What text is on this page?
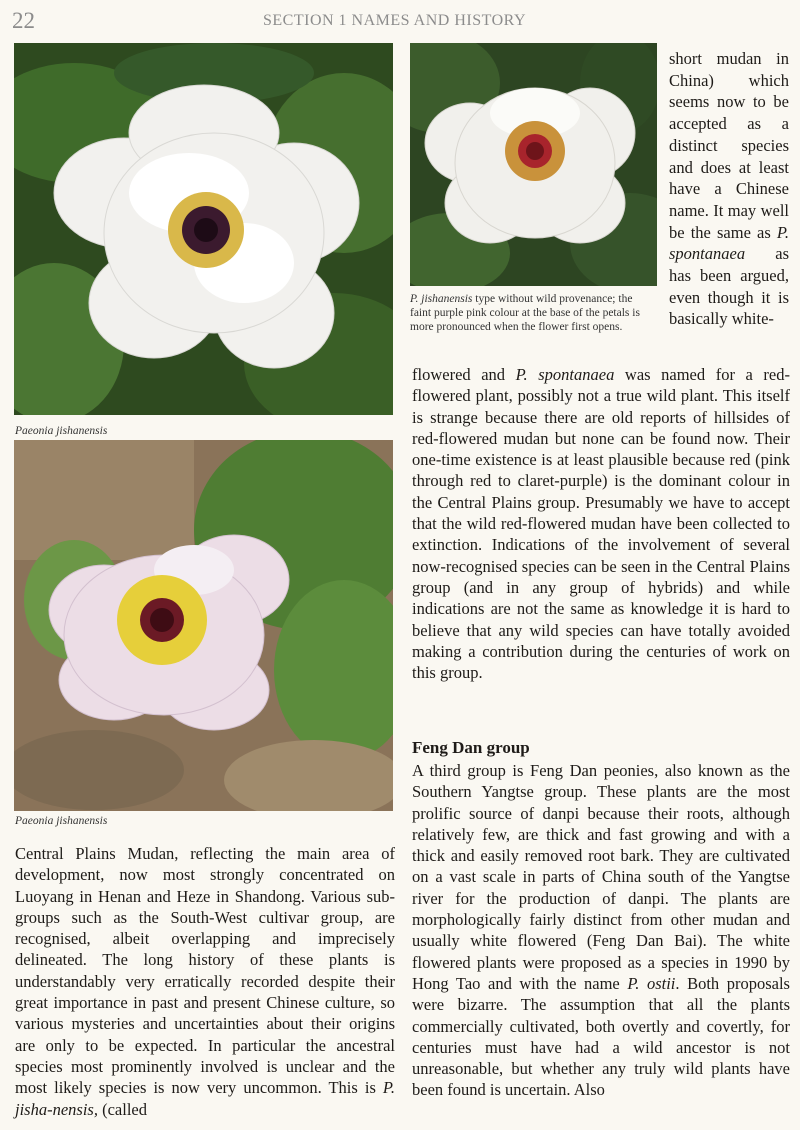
22	SECTION 1 NAMES AND HISTORY
Paeonia jishanensis
Paeonia jishanensis
P. jishanensis type without wild provenance; the faint purple pink colour at the base of the petals is more pronounced when the flower first opens.
short mudan in China) which seems now to be accepted as a distinct species and does at least have a Chinese name. It may well be the same as P. spontanaea as has been argued, even though it is basically white-

flowered and P. spontanaea was named for a red-flowered plant, possibly not a true wild plant. This itself is strange because there are old reports of hillsides of red-flowered mudan but none can be found now. Their one-time existence is at least plausible because red (pink through red to claret-purple) is the dominant colour in the Central Plains group. Presumably we have to accept that the wild red-flowered mudan have been collected to extinction. Indications of the involvement of several now-recognised species can be seen in the Central Plains group (and in any group of hybrids) and while indications are not the same as knowledge it is hard to believe that any wild species can have totally avoided making a contribution during the centuries of work on this group.

Feng Dan group

A third group is Feng Dan peonies, also known as the Southern Yangtse group. These plants are the most prolific source of danpi because their roots, although relatively few, are thick and fast growing and with a thick and easily removed root bark. They are cultivated on a vast scale in parts of China south of the Yangtse river for the production of danpi. The plants are morphologically fairly distinct from other mudan and usually white flowered (Feng Dan Bai). The white flowered plants were proposed as a species in 1990 by Hong Tao and with the name P. ostii. Both proposals were bizarre. The assumption that all the plants commercially cultivated, both overtly and covertly, for centuries must have had a wild ancestor is not unreasonable, but whether any truly wild plants have been found is uncertain. Also

Central Plains Mudan, reflecting the main area of development, now most strongly concentrated on Luoyang in Henan and Heze in Shandong. Various sub-groups such as the South-West cultivar group, are recognised, albeit overlapping and imprecisely delineated. The long history of these plants is understandably very erratically recorded despite their great importance in past and present Chinese culture, so various mysteries and uncertainties about their origins are only to be expected. In particular the ancestral species most prominently involved is unclear and the most likely species is now very uncommon. This is P. jisha-nensis, (called
